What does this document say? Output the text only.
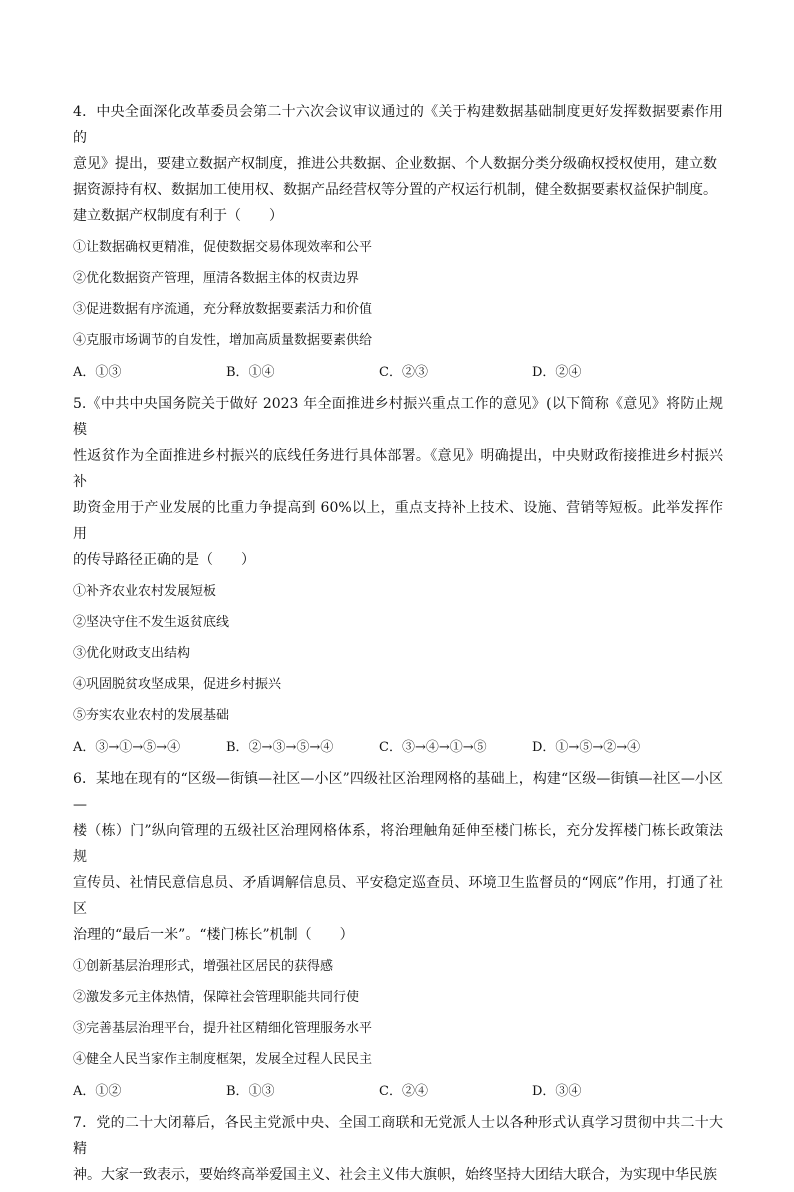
4．中央全面深化改革委员会第二十六次会议审议通过的《关于构建数据基础制度更好发挥数据要素作用的

意见》提出，要建立数据产权制度，推进公共数据、企业数据、个人数据分类分级确权授权使用，建立数

据资源持有权、数据加工使用权、数据产品经营权等分置的产权运行机制，健全数据要素权益保护制度。

建立数据产权制度有利于（　　）

①让数据确权更精准，促使数据交易体现效率和公平

②优化数据资产管理，厘清各数据主体的权责边界

③促进数据有序流通，充分释放数据要素活力和价值

④克服市场调节的自发性，增加高质量数据要素供给

A．①③	B．①④	C．②③	D．②④

5.《中共中央国务院关于做好 2023 年全面推进乡村振兴重点工作的意见》(以下简称《意见》将防止规模

性返贫作为全面推进乡村振兴的底线任务进行具体部署。《意见》明确提出，中央财政衔接推进乡村振兴补

助资金用于产业发展的比重力争提高到 60%以上，重点支持补上技术、设施、营销等短板。此举发挥作用

的传导路径正确的是（　　）

①补齐农业农村发展短板

②坚决守住不发生返贫底线

③优化财政支出结构

④巩固脱贫攻坚成果，促进乡村振兴

⑤夯实农业农村的发展基础

A．③→①→⑤→④	B．②→③→⑤→④	C．③→④→①→⑤	D．①→⑤→②→④

6．某地在现有的“区级—街镇—社区—小区”四级社区治理网格的基础上，构建“区级—街镇—社区—小区—

楼（栋）门”纵向管理的五级社区治理网格体系，将治理触角延伸至楼门栋长，充分发挥楼门栋长政策法规

宣传员、社情民意信息员、矛盾调解信息员、平安稳定巡查员、环境卫生监督员的“网底”作用，打通了社区

治理的“最后一米”。“楼门栋长”机制（　　）

①创新基层治理形式，增强社区居民的获得感

②激发多元主体热情，保障社会管理职能共同行使

③完善基层治理平台，提升社区精细化管理服务水平

④健全人民当家作主制度框架，发展全过程人民民主

A．①②	B．①③	C．②④	D．③④

7．党的二十大闭幕后，各民主党派中央、全国工商联和无党派人士以各种形式认真学习贯彻中共二十大精

神。大家一致表示，要始终高举爱国主义、社会主义伟大旗帜，始终坚持大团结大联合，为实现中华民族
